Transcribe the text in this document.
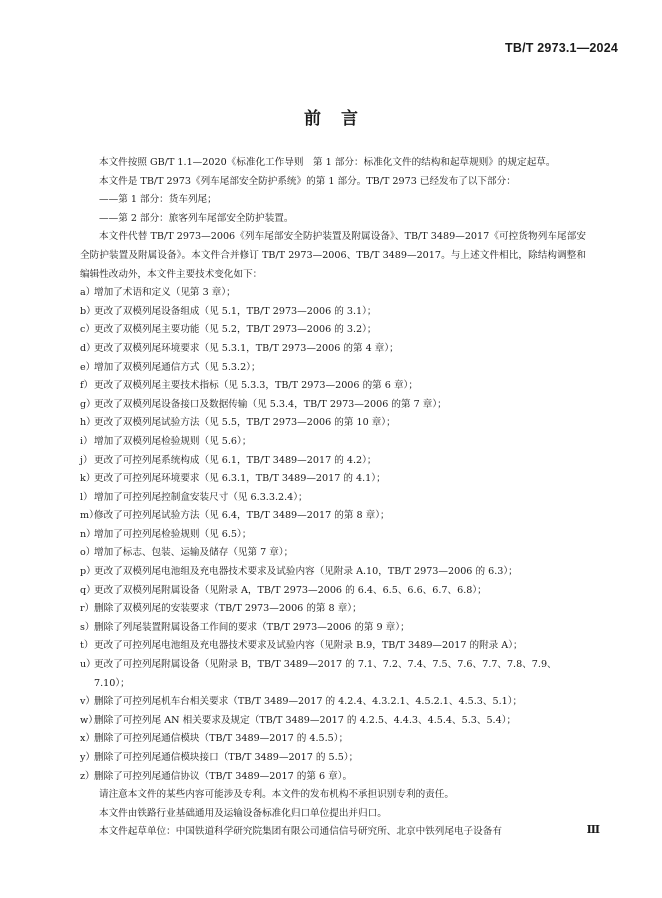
TB/T 2973.1—2024
前言

本文件按照 GB/T 1.1—2020《标准化工作导则　第 1 部分：标准化文件的结构和起草规则》的规定起草。

本文件是 TB/T 2973《列车尾部安全防护系统》的第 1 部分。TB/T 2973 已经发布了以下部分：

——第 1 部分：货车列尾；

——第 2 部分：旅客列车尾部安全防护装置。

本文件代替 TB/T 2973—2006《列车尾部安全防护装置及附属设备》、TB/T 3489—2017《可控货物列车尾部安全防护装置及附属设备》。本文件合并修订 TB/T 2973—2006、TB/T 3489—2017。与上述文件相比，除结构调整和编辑性改动外，本文件主要技术变化如下：

a）
增加了术语和定义（见第 3 章）；
b）
更改了双模列尾设备组成（见 5.1，TB/T 2973—2006 的 3.1）；
c） 更改了双模列尾主要功能（见 5.2，TB/T 2973—2006 的 3.2）；
d）
更改了双模列尾环境要求（见 5.3.1，TB/T 2973—2006 的第 4 章）；
e）
增加了双模列尾通信方式（见 5.3.2）；
f） 更改了双模列尾主要技术指标（见 5.3.3，TB/T 2973—2006 的第 6 章）；
g）
更改了双模列尾设备接口及数据传输（见 5.3.4，TB/T 2973—2006 的第 7 章）；
h）
更改了双模列尾试验方法（见 5.5，TB/T 2973—2006 的第 10 章）；
i） 增加了双模列尾检验规则（见 5.6）；
j） 更改了可控列尾系统构成（见 6.1，TB/T 3489—2017 的 4.2）；
k）
更改了可控列尾环境要求（见 6.3.1，TB/T 3489—2017 的 4.1）；
l） 增加了可控列尾控制盒安装尺寸（见 6.3.3.2.4）；
m）
修改了可控列尾试验方法（见 6.4，TB/T 3489—2017 的第 8 章）；
n）
增加了可控列尾检验规则（见 6.5）；
o）
增加了标志、包装、运输及储存（见第 7 章）；
p）
更改了双模列尾电池组及充电器技术要求及试验内容（见附录 A.10，TB/T 2973—2006 的 6.3）；
q）
更改了双模列尾附属设备（见附录 A，TB/T 2973—2006 的 6.4、6.5、6.6、6.7、6.8）；
r） 删除了双模列尾的安装要求（TB/T 2973—2006 的第 8 章）；
s） 删除了列尾装置附属设备工作间的要求（TB/T 2973—2006 的第 9 章）；
t） 更改了可控列尾电池组及充电器技术要求及试验内容（见附录 B.9，TB/T 3489—2017 的附录 A）；
u）
更改了可控列尾附属设备（见附录 B，TB/T 3489—2017 的 7.1、7.2、7.4、7.5、7.6、7.7、7.8、7.9、7.10）；
v）
删除了可控列尾机车台相关要求（TB/T 3489—2017 的 4.2.4、4.3.2.1、4.5.2.1、4.5.3、5.1）；
w）
删除了可控列尾 AN 相关要求及规定（TB/T 3489—2017 的 4.2.5、4.4.3、4.5.4、5.3、5.4）；
x）
删除了可控列尾通信模块（TB/T 3489—2017 的 4.5.5）；
y）
删除了可控列尾通信模块接口（TB/T 3489—2017 的 5.5）；
z） 删除了可控列尾通信协议（TB/T 3489—2017 的第 6 章）。

请注意本文件的某些内容可能涉及专利。本文件的发布机构不承担识别专利的责任。

本文件由铁路行业基础通用及运输设备标准化归口单位提出并归口。

本文件起草单位：中国铁道科学研究院集团有限公司通信信号研究所、北京中铁列尾电子设备有	Ⅲ
